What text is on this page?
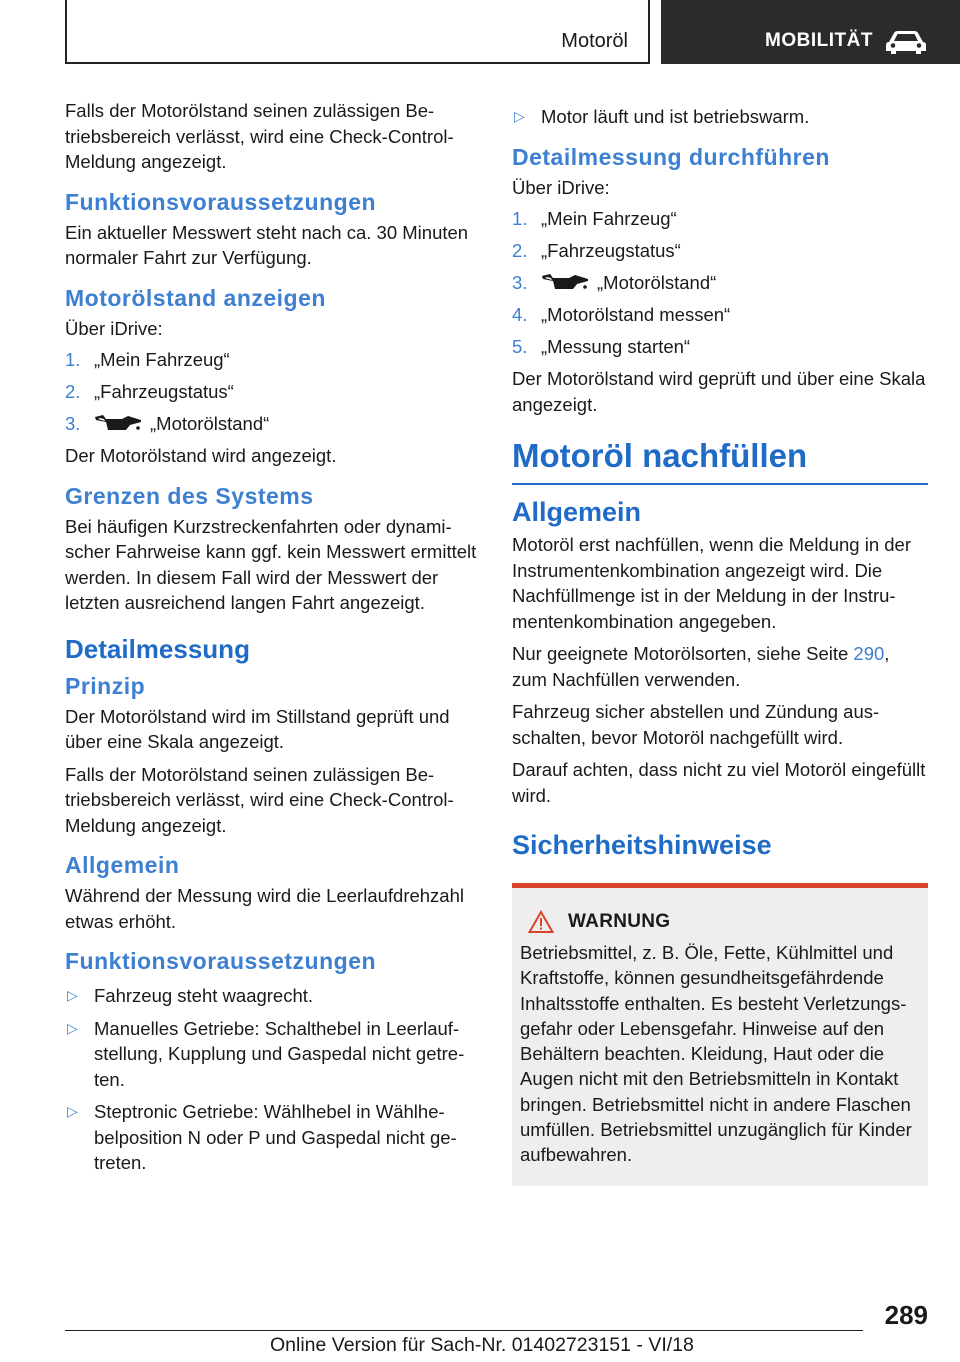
Motoröl	MOBILITÄT

Falls der Motorölstand seinen zulässigen Betriebsbereich verlässt, wird eine Check-Control-Meldung angezeigt.

Funktionsvoraussetzungen

Ein aktueller Messwert steht nach ca. 30 Minuten normaler Fahrt zur Verfügung.

Motorölstand anzeigen

Über iDrive:

1. „Mein Fahrzeug“
2. „Fahrzeugstatus“
3.	„Motorölstand“

Der Motorölstand wird angezeigt.

Grenzen des Systems

Bei häufigen Kurzstreckenfahrten oder dynamischer Fahrweise kann ggf. kein Messwert ermittelt werden. In diesem Fall wird der Messwert der letzten ausreichend langen Fahrt angezeigt.

Detailmessung
Prinzip

Der Motorölstand wird im Stillstand geprüft und über eine Skala angezeigt.

Falls der Motorölstand seinen zulässigen Betriebsbereich verlässt, wird eine Check-Control-Meldung angezeigt.

Allgemein

Während der Messung wird die Leerlaufdrehzahl etwas erhöht.

Funktionsvoraussetzungen
▷ Fahrzeug steht waagrecht.
▷ Manuelles Getriebe: Schalthebel in Leerlaufstellung, Kupplung und Gaspedal nicht getreten.
▷ Steptronic Getriebe: Wählhebel in Wählhebelposition N oder P und Gaspedal nicht getreten.
▷ Motor läuft und ist betriebswarm.
Detailmessung durchführen

Über iDrive:

1. „Mein Fahrzeug“
2. „Fahrzeugstatus“
3.	„Motorölstand“
4. „Motorölstand messen“
5. „Messung starten“

Der Motorölstand wird geprüft und über eine Skala angezeigt.

Motoröl nachfüllen
Allgemein

Motoröl erst nachfüllen, wenn die Meldung in der Instrumentenkombination angezeigt wird. Die Nachfüllmenge ist in der Meldung in der Instrumentenkombination angegeben.

Nur geeignete Motorölsorten, siehe Seite 290, zum Nachfüllen verwenden.

Fahrzeug sicher abstellen und Zündung ausschalten, bevor Motoröl nachgefüllt wird.

Darauf achten, dass nicht zu viel Motoröl eingefüllt wird.

Sicherheitshinweise
WARNUNG

Betriebsmittel, z. B. Öle, Fette, Kühlmittel und Kraftstoffe, können gesundheitsgefährdende Inhaltsstoffe enthalten. Es besteht Verletzungsgefahr oder Lebensgefahr. Hinweise auf den Behältern beachten. Kleidung, Haut oder die Augen nicht mit den Betriebsmitteln in Kontakt bringen. Betriebsmittel nicht in andere Flaschen umfüllen. Betriebsmittel unzugänglich für Kinder aufbewahren.

289
Online Version für Sach-Nr. 01402723151 - VI/18
